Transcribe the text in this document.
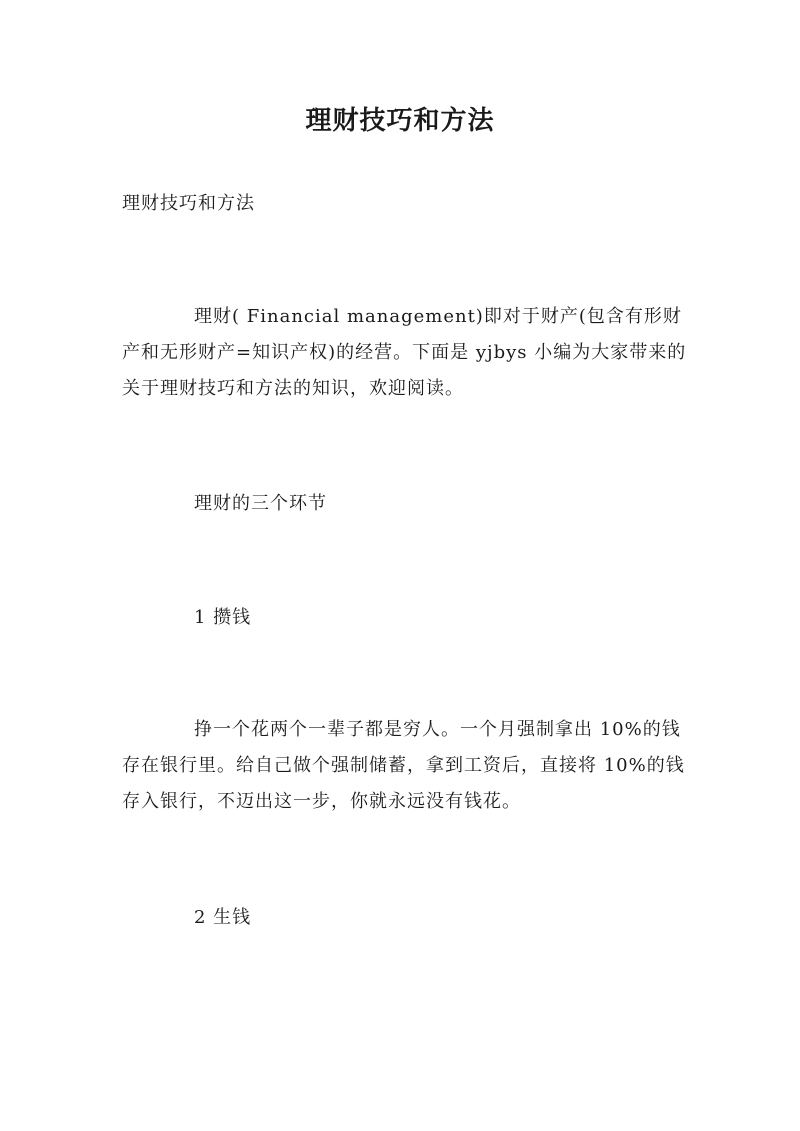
理财技巧和方法

理财技巧和方法

理财( Financial management)即对于财产(包含有形财产和无形财产=知识产权)的经营。下面是 yjbys 小编为大家带来的关于理财技巧和方法的知识，欢迎阅读。

理财的三个环节

1 攒钱

挣一个花两个一辈子都是穷人。一个月强制拿出 10%的钱存在银行里。给自己做个强制储蓄，拿到工资后，直接将 10%的钱存入银行，不迈出这一步，你就永远没有钱花。

2 生钱
